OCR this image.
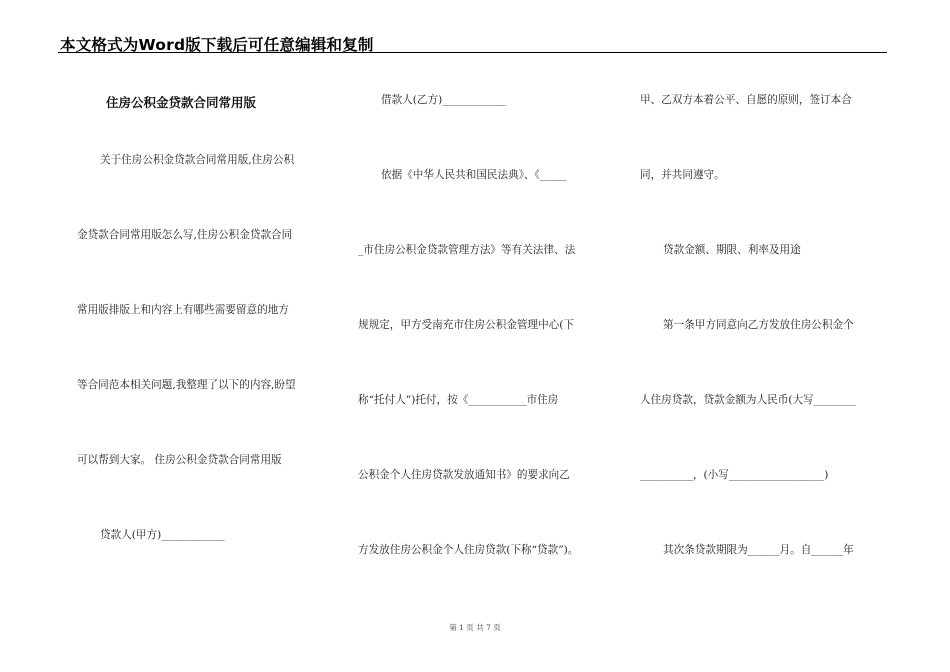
本文格式为Word版下载后可任意编辑和复制
住房公积金贷款合同常用版
关于住房公积金贷款合同常用版,住房公积
金贷款合同常用版怎么写,住房公积金贷款合同
常用版排版上和内容上有哪些需要留意的地方
等合同范本相关问题,我整理了以下的内容,盼望
可以帮到大家。 住房公积金贷款合同常用版
贷款人(甲方)____________
借款人(乙方)____________
依据《中华人民共和国民法典》、《_____
_市住房公积金贷款管理方法》等有关法律、法
规规定，甲方受南充市住房公积金管理中心(下
称“托付人”)托付，按《___________市住房
公积金个人住房贷款发放通知书》的要求向乙
方发放住房公积金个人住房贷款(下称“贷款”)。
甲、乙双方本着公平、自愿的原则，签订本合
同，并共同遵守。
贷款金额、期限、利率及用途
第一条甲方同意向乙方发放住房公积金个
人住房贷款，贷款金额为人民币(大写________
__________，(小写__________________)
其次条贷款期限为______月。自______年
第 1 页 共 7 页
